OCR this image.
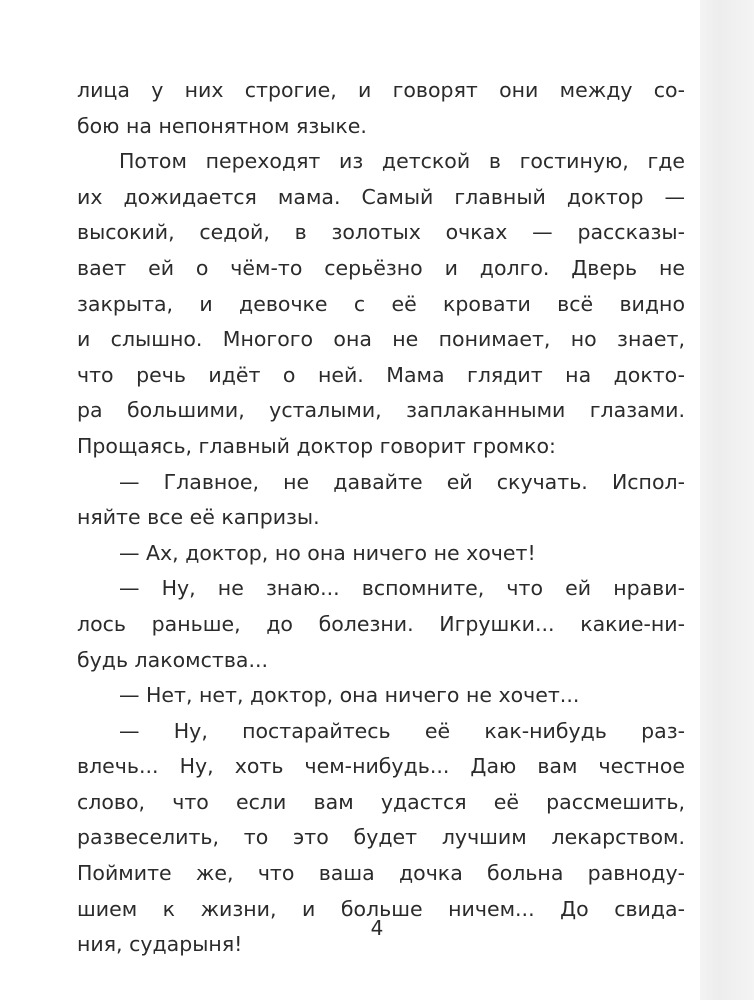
лица у них строгие, и говорят они между со-
бою на непонятном языке.
Потом переходят из детской в гостиную, где
их дожидается мама. Самый главный доктор —
высокий, седой, в золотых очках — рассказы-
вает ей о чём-то серьёзно и долго. Дверь не
закрыта, и девочке с её кровати всё видно
и слышно. Многого она не понимает, но знает,
что речь идёт о ней. Мама глядит на доктo-
ра большими, усталыми, заплаканными глазами.
Прощаясь, главный доктор говорит громко:
— Главное, не давайте ей скучать. Испол-
няйте все её капризы.
— Ах, доктор, но она ничего не хочет!
— Ну, не знаю... вспомните, что ей нрави-
лось раньше, до болезни. Игрушки... какие-ни-
будь лакомства...
— Нет, нет, доктор, она ничего не хочет...
— Ну, постарайтесь её как-нибудь раз-
влечь... Ну, хоть чем-нибудь... Даю вам честное
слово, что если вам удастся её рассмешить,
развеселить, то это будет лучшим лекарством.
Поймите же, что ваша дочка больна равноду-
шием к жизни, и больше ничем... До свида-
ния, сударыня!
4
